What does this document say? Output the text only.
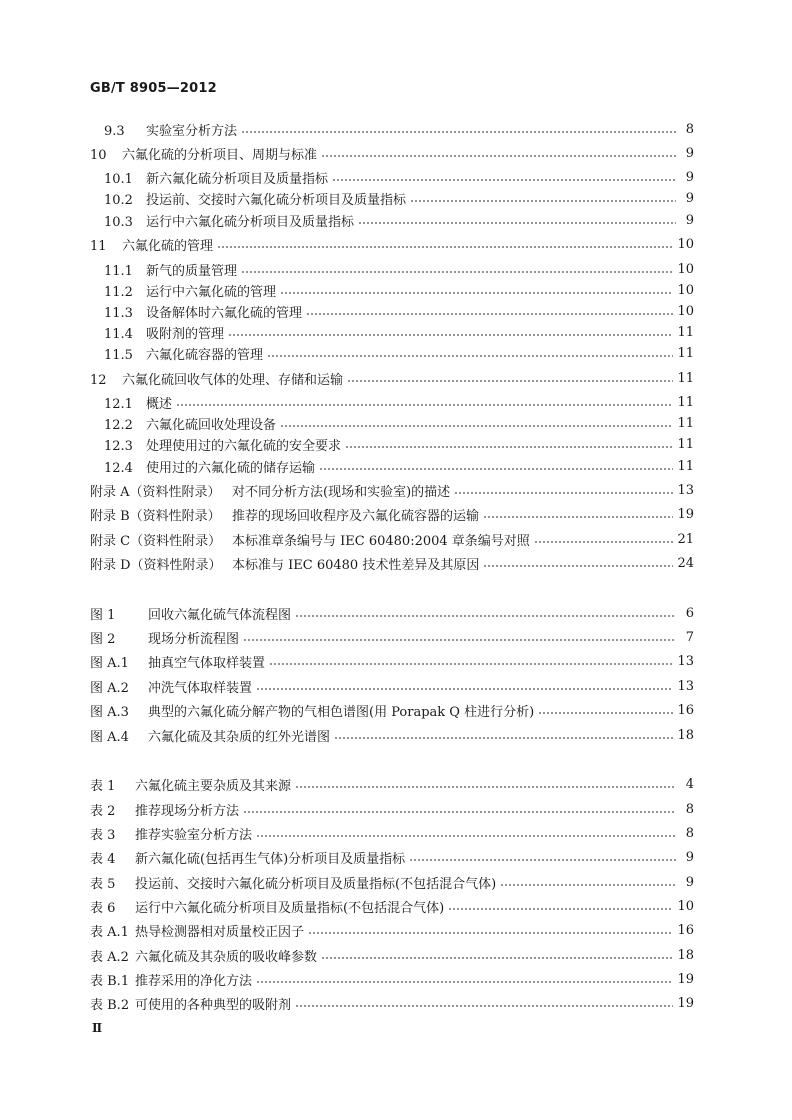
GB/T 8905—2012
9.3 实验室分析方法	8
10 六氟化硫的分析项目、周期与标准	9
10.1 新六氟化硫分析项目及质量指标	9
10.2 投运前、交接时六氟化硫分析项目及质量指标	9
10.3 运行中六氟化硫分析项目及质量指标	9
11 六氟化硫的管理	10
11.1 新气的质量管理	10
11.2 运行中六氟化硫的管理	10
11.3 设备解体时六氟化硫的管理	10
11.4 吸附剂的管理	11
11.5 六氟化硫容器的管理	11
12 六氟化硫回收气体的处理、存储和运输	11
12.1 概述	11
12.2 六氟化硫回收处理设备	11
12.3 处理使用过的六氟化硫的安全要求	11
12.4 使用过的六氟化硫的储存运输	11
附录 A（资料性附录） 对不同分析方法(现场和实验室)的描述	13
附录 B（资料性附录） 推荐的现场回收程序及六氟化硫容器的运输	19
附录 C（资料性附录） 本标准章条编号与 IEC 60480:2004 章条编号对照	21
附录 D（资料性附录） 本标准与 IEC 60480 技术性差异及其原因	24
图 1	回收六氟化硫气体流程图	6
图 2	现场分析流程图	7
图 A.1 抽真空气体取样装置	13
图 A.2 冲洗气体取样装置	13
图 A.3 典型的六氟化硫分解产物的气相色谱图(用 Porapak Q 柱进行分析)	16
图 A.4 六氟化硫及其杂质的红外光谱图	18
表 1 六氟化硫主要杂质及其来源	4
表 2 推荐现场分析方法	8
表 3 推荐实验室分析方法	8
表 4 新六氟化硫(包括再生气体)分析项目及质量指标	9
表 5 投运前、交接时六氟化硫分析项目及质量指标(不包括混合气体)	9
表 6 运行中六氟化硫分析项目及质量指标(不包括混合气体)	10
表 A.1 热导检测器相对质量校正因子	16
表 A.2 六氟化硫及其杂质的吸收峰参数	18
表 B.1 推荐采用的净化方法	19
表 B.2 可使用的各种典型的吸附剂	19
Ⅱ
